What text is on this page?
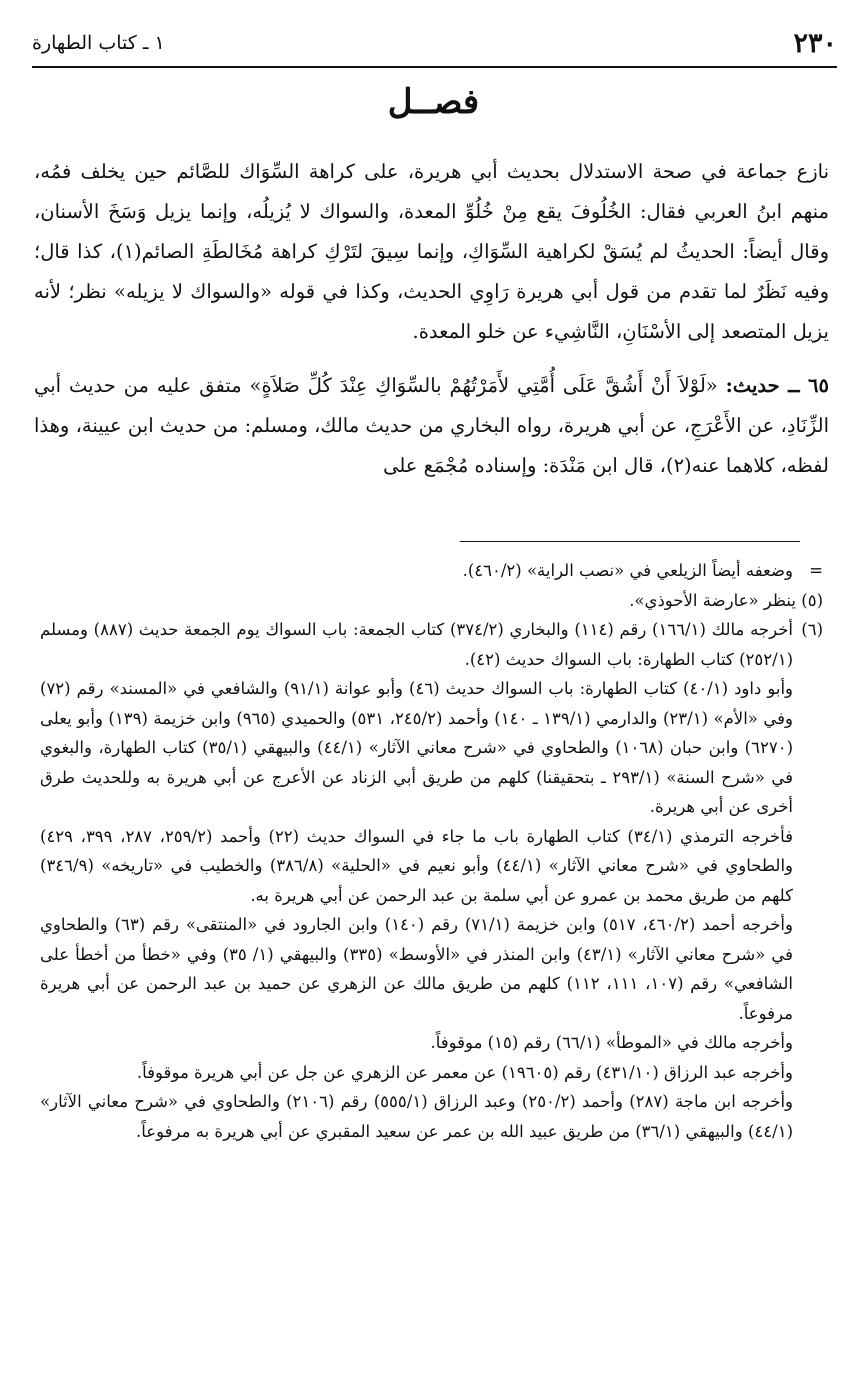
٢٣٠
١ ـ كتاب الطهارة
فصــل

نازع جماعة في صحة الاستدلال بحديث أبي هريرة، على كراهة السِّوَاك للصَّائم حين يخلف فمُه، منهم ابنُ العربي فقال: الخُلُوفَ يقع مِنْ خُلُوِّ المعدة، والسواك لا يُزيلُه، وإنما يزيل وَسَخَ الأسنان، وقال أيضاً: الحديثُ لم يُسَقْ لكراهية السِّوَاكِ، وإنما سِيقَ لتَرْكِ كراهة مُخَالطَةِ الصائم(١)، كذا قال؛ وفيه نَظَرٌ لما تقدم من قول أبي هريرة رَاوِي الحديث، وكذا في قوله «والسواك لا يزيله» نظر؛ لأنه يزيل المتصعد إلى الأسْنَانِ، النَّاشِيء عن خلو المعدة.

٦٥ ــ حديث: «لَوْلاَ أَنْ أَشُقَّ عَلَى أُمَّتِي لأَمَرْتُهُمْ بالسِّوَاكِ عِنْدَ كُلِّ صَلاَةٍ» متفق عليه من حديث أبي الزِّنَادِ، عن الأَعْرَجِ، عن أبي هريرة، رواه البخاري من حديث مالك، ومسلم: من حديث ابن عيينة، وهذا لفظه، كلاهما عنه(٢)، قال ابن مَنْدَة: وإسناده مُجْمَع على

=
وضعفه أيضاً الزيلعي في «نصب الراية» (٤٦٠/٢).

(٥) ينظر «عارضة الأحوذي».

(٦)
أخرجه مالك (١٦٦/١) رقم (١١٤) والبخاري (٣٧٤/٢) كتاب الجمعة: باب السواك يوم الجمعة حديث (٨٨٧) ومسلم (٢٥٢/١) كتاب الطهارة: باب السواك حديث (٤٢).

وأبو داود (٤٠/١) كتاب الطهارة: باب السواك حديث (٤٦) وأبو عوانة (٩١/١) والشافعي في «المسند» رقم (٧٢) وفي «الأم» (٢٣/١) والدارمي (١٣٩/١ ـ ١٤٠) وأحمد (٢٤٥/٢، ٥٣١) والحميدي (٩٦٥) وابن خزيمة (١٣٩) وأبو يعلى (٦٢٧٠) وابن حبان (١٠٦٨) والطحاوي في «شرح معاني الآثار» (٤٤/١) والبيهقي (٣٥/١) كتاب الطهارة، والبغوي في «شرح السنة» (٢٩٣/١ ـ بتحقيقنا) كلهم من طريق أبي الزناد عن الأعرج عن أبي هريرة به وللحديث طرق أخرى عن أبي هريرة.

فأخرجه الترمذي (٣٤/١) كتاب الطهارة باب ما جاء في السواك حديث (٢٢) وأحمد (٢٥٩/٢، ٢٨٧، ٣٩٩، ٤٢٩) والطحاوي في «شرح معاني الآثار» (٤٤/١) وأبو نعيم في «الحلية» (٣٨٦/٨) والخطيب في «تاريخه» (٣٤٦/٩) كلهم من طريق محمد بن عمرو عن أبي سلمة بن عبد الرحمن عن أبي هريرة به.

وأخرجه أحمد (٤٦٠/٢، ٥١٧) وابن خزيمة (٧١/١) رقم (١٤٠) وابن الجارود في «المنتقى» رقم (٦٣) والطحاوي في «شرح معاني الآثار» (٤٣/١) وابن المنذر في «الأوسط» (٣٣٥) والبيهقي (١/ ٣٥) وفي «خطأ من أخطأ على الشافعي» رقم (١٠٧، ١١١، ١١٢) كلهم من طريق مالك عن الزهري عن حميد بن عبد الرحمن عن أبي هريرة مرفوعاً.

وأخرجه مالك في «الموطأ» (٦٦/١) رقم (١٥) موقوفاً.

وأخرجه عبد الرزاق (٤٣١/١٠) رقم (١٩٦٠٥) عن معمر عن الزهري عن جل عن أبي هريرة موقوفاً.

وأخرجه ابن ماجة (٢٨٧) وأحمد (٢٥٠/٢) وعبد الرزاق (٥٥٥/١) رقم (٢١٠٦) والطحاوي في «شرح معاني الآثار» (٤٤/١) والبيهقي (٣٦/١) من طريق عبيد الله بن عمر عن سعيد المقبري عن أبي هريرة به مرفوعاً.
